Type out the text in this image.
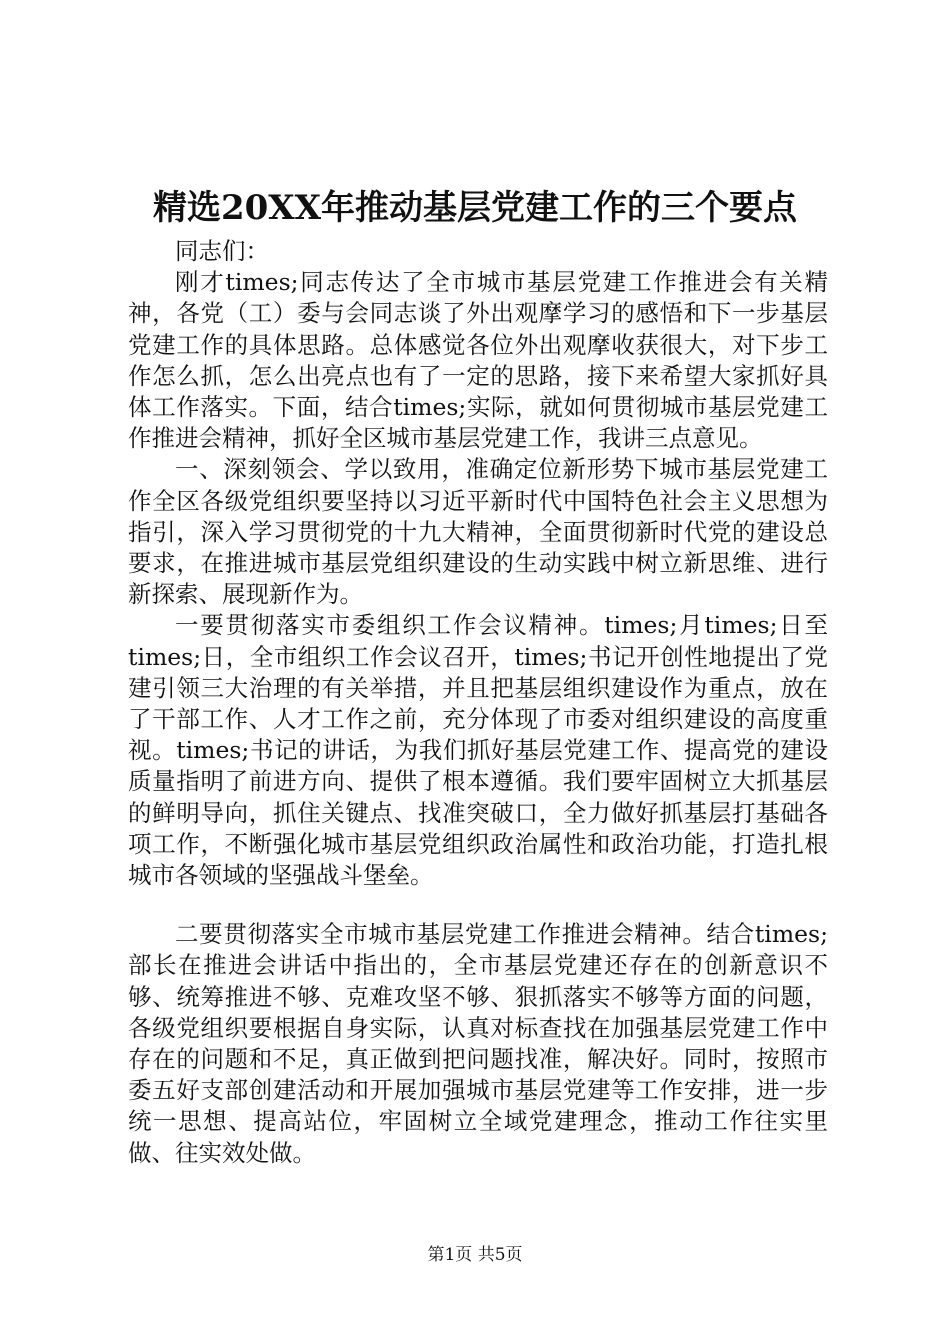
精选20XX年推动基层党建工作的三个要点

同志们：

刚才times;同志传达了全市城市基层党建工作推进会有关精神，各党（工）委与会同志谈了外出观摩学习的感悟和下一步基层党建工作的具体思路。总体感觉各位外出观摩收获很大，对下步工作怎么抓，怎么出亮点也有了一定的思路，接下来希望大家抓好具体工作落实。下面，结合times;实际，就如何贯彻城市基层党建工作推进会精神，抓好全区城市基层党建工作，我讲三点意见。

一、深刻领会、学以致用，准确定位新形势下城市基层党建工作全区各级党组织要坚持以习近平新时代中国特色社会主义思想为指引，深入学习贯彻党的十九大精神，全面贯彻新时代党的建设总要求，在推进城市基层党组织建设的生动实践中树立新思维、进行新探索、展现新作为。

一要贯彻落实市委组织工作会议精神。times;月times;日至times;日，全市组织工作会议召开，times;书记开创性地提出了党建引领三大治理的有关举措，并且把基层组织建设作为重点，放在了干部工作、人才工作之前，充分体现了市委对组织建设的高度重视。times;书记的讲话，为我们抓好基层党建工作、提高党的建设质量指明了前进方向、提供了根本遵循。我们要牢固树立大抓基层的鲜明导向，抓住关键点、找准突破口，全力做好抓基层打基础各项工作，不断强化城市基层党组织政治属性和政治功能，打造扎根城市各领域的坚强战斗堡垒。

二要贯彻落实全市城市基层党建工作推进会精神。结合times;部长在推进会讲话中指出的，全市基层党建还存在的创新意识不够、统筹推进不够、克难攻坚不够、狠抓落实不够等方面的问题，各级党组织要根据自身实际，认真对标查找在加强基层党建工作中存在的问题和不足，真正做到把问题找准，解决好。同时，按照市委五好支部创建活动和开展加强城市基层党建等工作安排，进一步统一思想、提高站位，牢固树立全域党建理念，推动工作往实里做、往实效处做。

第1页 共5页
